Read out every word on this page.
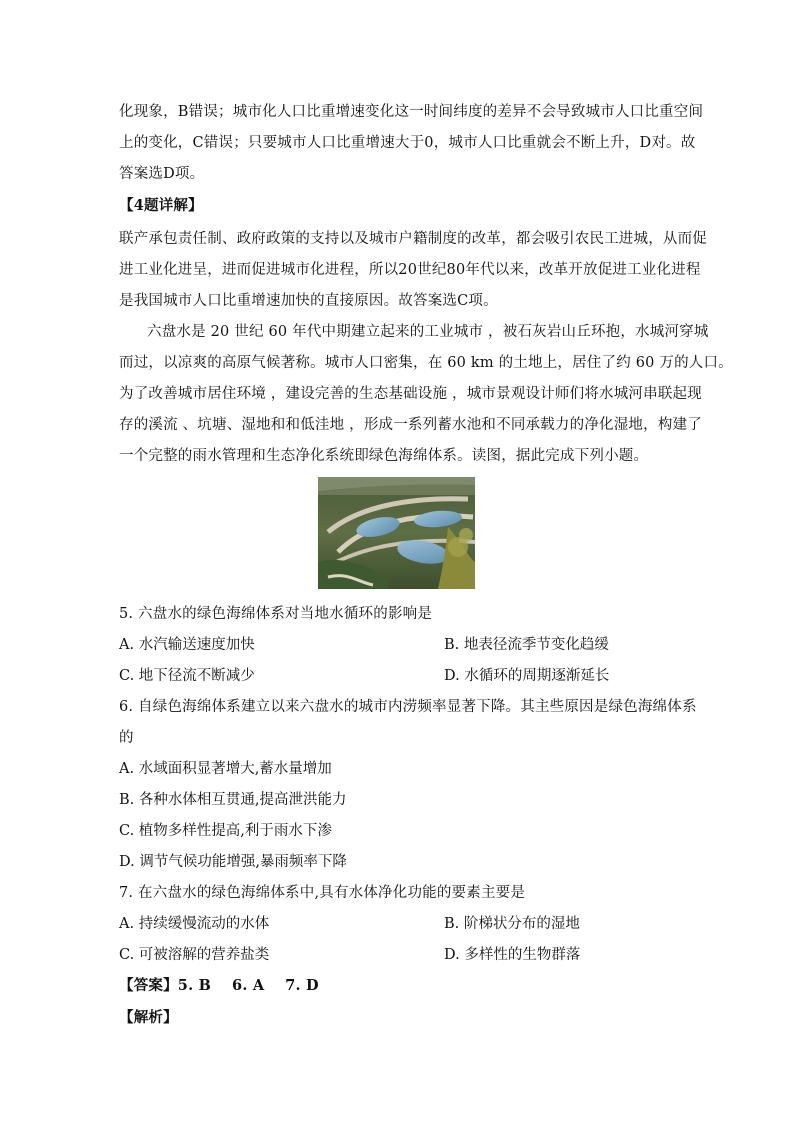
化现象，B错误；城市化人口比重增速变化这一时间纬度的差异不会导致城市人口比重空间
上的变化，C错误；只要城市人口比重增速大于0，城市人口比重就会不断上升，D对。故
答案选D项。
【4题详解】
联产承包责任制、政府政策的支持以及城市户籍制度的改革，都会吸引农民工进城，从而促
进工业化进呈，进而促进城市化进程，所以20世纪80年代以来，改革开放促进工业化进程
是我国城市人口比重增速加快的直接原因。故答案选C项。
六盘水是 20 世纪 60 年代中期建立起来的工业城市 ，被石灰岩山丘环抱，水城河穿城
而过，以凉爽的高原气候著称。城市人口密集，在 60 km 的土地上，居住了约 60 万的人口。
为了改善城市居住环境 ，建设完善的生态基础设施 ，城市景观设计师们将水城河串联起现
存的溪流 、坑塘、湿地和和低洼地 ，形成一系列蓄水池和不同承载力的净化湿地，构建了
一个完整的雨水管理和生态净化系统即绿色海绵体系。读图，据此完成下列小题。
5. 六盘水的绿色海绵体系对当地水循环的影响是
A. 水汽输送速度加快	B. 地表径流季节变化趋缓
C. 地下径流不断减少	D. 水循环的周期逐渐延长
6. 自绿色海绵体系建立以来六盘水的城市内涝频率显著下降。其主些原因是绿色海绵体系
的
A. 水域面积显著增大,蓄水量增加
B. 各种水体相互贯通,提高泄洪能力
C. 植物多样性提高,利于雨水下渗
D. 调节气候功能增强,暴雨频率下降
7. 在六盘水的绿色海绵体系中,具有水体净化功能的要素主要是
A. 持续缓慢流动的水体	B. 阶梯状分布的湿地
C. 可被溶解的营养盐类	D. 多样性的生物群落
【答案】5. B    6. A    7. D
【解析】
